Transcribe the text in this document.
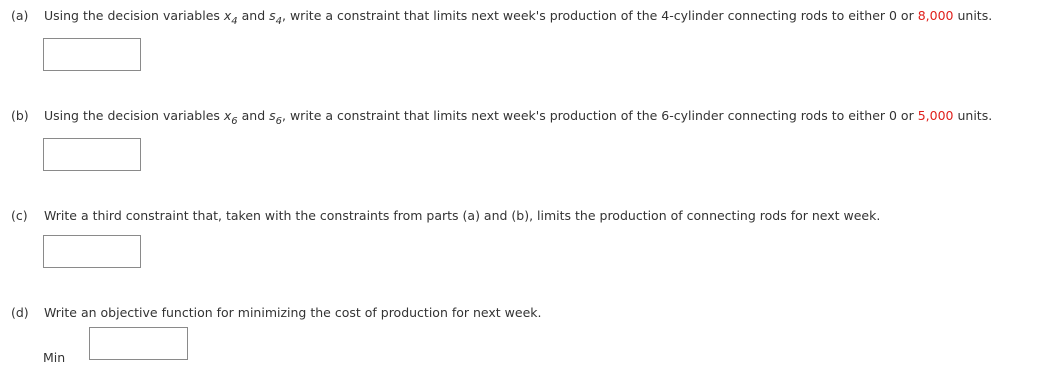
(a) Using the decision variables $x_4$ and $s_4$, write a constraint that limits next week's production of the 4-cylinder connecting rods to either 0 or 8,000 units.
(b) Using the decision variables $x_6$ and $s_6$, write a constraint that limits next week's production of the 6-cylinder connecting rods to either 0 or 5,000 units.
(c) Write a third constraint that, taken with the constraints from parts (a) and (b), limits the production of connecting rods for next week.
(d) Write an objective function for minimizing the cost of production for next week.
Min
